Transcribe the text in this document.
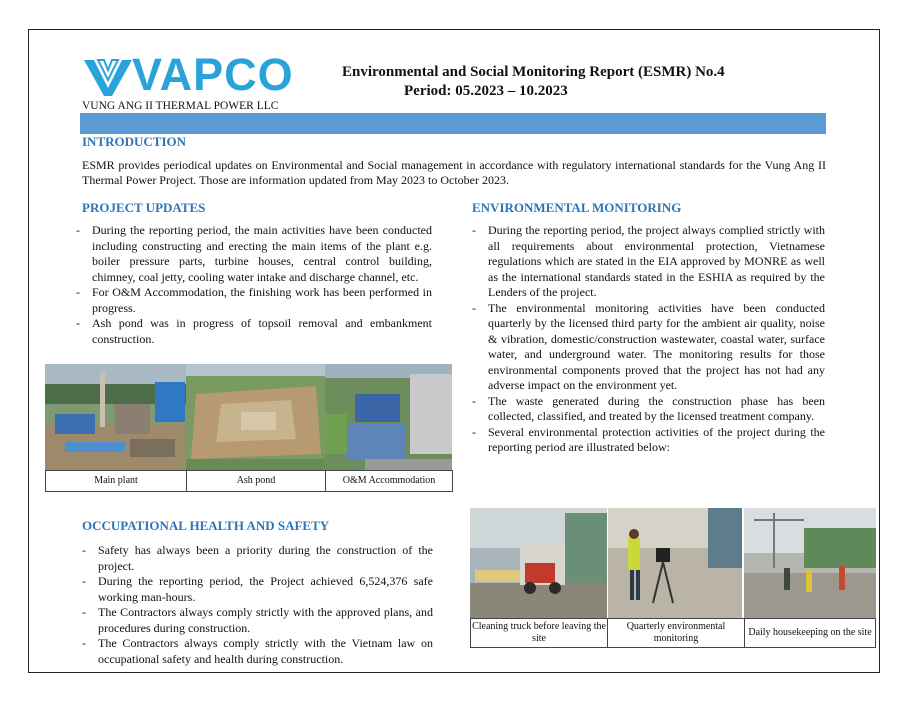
VAPCO
VUNG ANG II THERMAL POWER LLC
Environmental and Social Monitoring Report (ESMR) No.4
Period: 05.2023 – 10.2023
INTRODUCTION

ESMR provides periodical updates on Environmental and Social management in accordance with regulatory international standards for the Vung Ang II Thermal Power Project. Those are information updated from May 2023 to October 2023.

PROJECT UPDATES
- During the reporting period, the main activities have been conducted including constructing and erecting the main items of the plant e.g. boiler pressure parts, turbine houses, central control building, chimney, coal jetty, cooling water intake and discharge channel, etc.
- For O&M Accommodation, the finishing work has been performed in progress.
- Ash pond was in progress of topsoil removal and embankment construction.
Main plant	Ash pond	O&M Accommodation
OCCUPATIONAL HEALTH AND SAFETY
- Safety has always been a priority during the construction of the project.
- During the reporting period, the Project achieved 6,524,376 safe working man-hours.
- The Contractors always comply strictly with the approved plans, and procedures during construction.
- The Contractors always comply strictly with the Vietnam law on occupational safety and health during construction.
ENVIRONMENTAL MONITORING
- During the reporting period, the project always complied strictly with all requirements about environmental protection, Vietnamese regulations which are stated in the EIA approved by MONRE as well as the international standards stated in the ESHIA as required by the Lenders of the project.
- The environmental monitoring activities have been conducted quarterly by the licensed third party for the ambient air quality, noise & vibration, domestic/construction wastewater, coastal water, surface water, and underground water. The monitoring results for those environmental components proved that the project has not had any adverse impact on the environment yet.
- The waste generated during the construction phase has been collected, classified, and treated by the licensed treatment company.
- Several environmental protection activities of the project during the reporting period are illustrated below:
Cleaning truck before leaving the site
Quarterly environmental monitoring
Daily housekeeping on the site
